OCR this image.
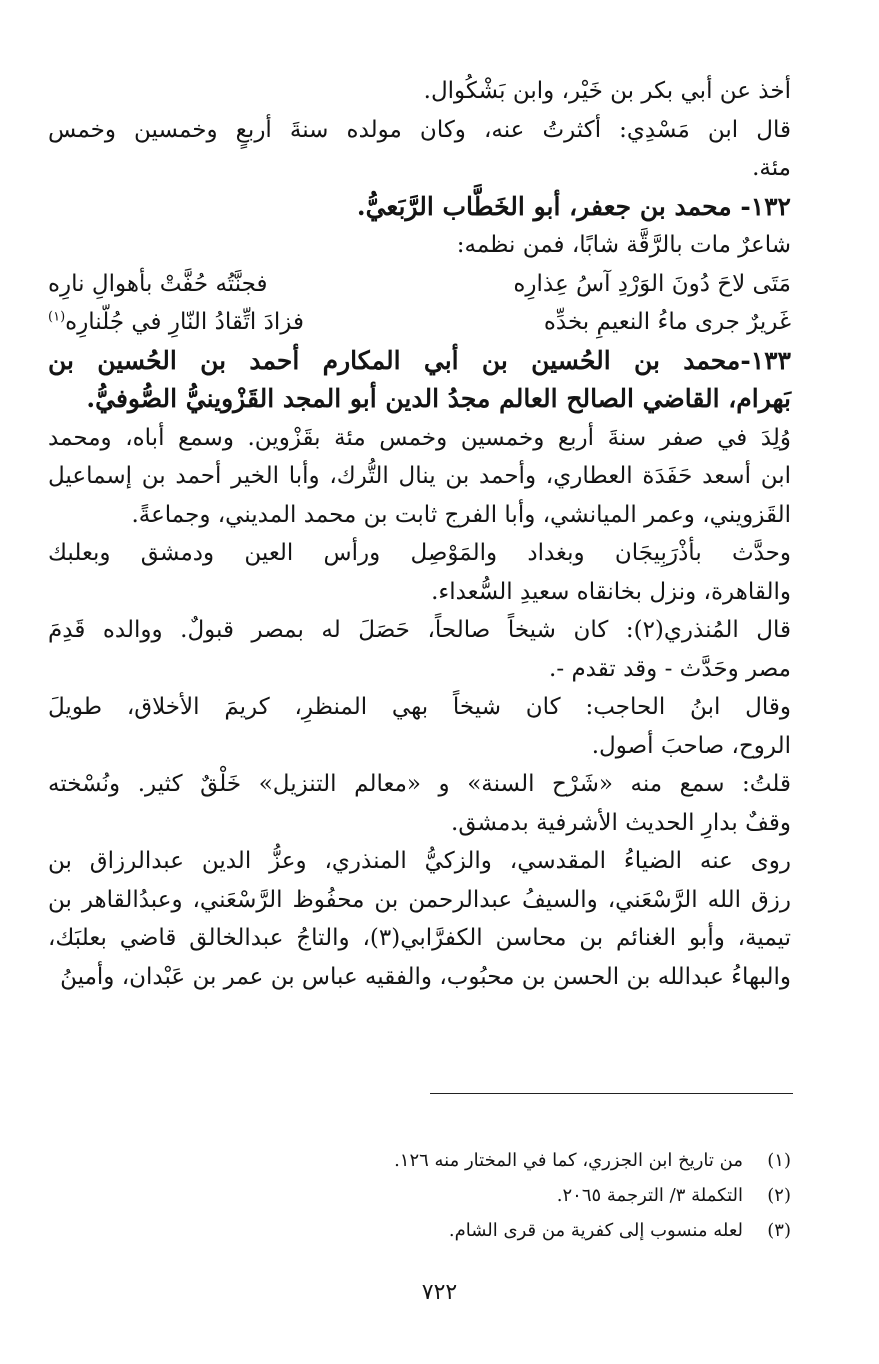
أخذ عن أبي بكر بن خَيْر، وابن بَشْكُوال.
قال ابن مَسْدِي: أكثرتُ عنه، وكان مولده سنةَ أربعٍ وخمسين وخمس
مئة.
١٣٢- محمد بن جعفر، أبو الخَطَّاب الرَّبَعيُّ.
شاعرٌ مات بالرَّقَّة شابًا، فمن نظمه:
مَتَى لاحَ دُونَ الوَرْدِ آسُ عِذارِه
فجنَّتُه حُفَّتْ بأهوالِ نارِه
غَريرٌ جرى ماءُ النعيمِ بخدِّه
فزادَ اتِّقادُ النّارِ في جُلّنارِه$^{(١)}$
١٣٣-محمد بن الحُسين بن أبي المكارم أحمد بن الحُسين بن
بَهرام، القاضي الصالح العالم مجدُ الدين أبو المجد القَزْوينيُّ الصُّوفيُّ.
وُلِدَ في صفر سنةَ أربع وخمسين وخمس مئة بقَزْوين. وسمع أباه، ومحمد
ابن أسعد حَفَدَة العطاري، وأحمد بن ينال التُّرك، وأبا الخير أحمد بن إسماعيل
القَزويني، وعمر الميانشي، وأبا الفرج ثابت بن محمد المديني، وجماعةً.
وحدَّث بأذْرَبِيجَان وبغداد والمَوْصِل ورأس العين ودمشق وبعلبك
والقاهرة، ونزل بخانقاه سعيدِ السُّعداء.
قال المُنذري(٢): كان شيخاً صالحاً، حَصَلَ له بمصر قبولٌ. ووالده قَدِمَ
مصر وحَدَّث - وقد تقدم -.
وقال ابنُ الحاجب: كان شيخاً بهي المنظرِ، كريمَ الأخلاق، طويلَ
الروح، صاحبَ أصول.
قلتُ: سمع منه «شَرْح السنة» و «معالم التنزيل» خَلْقٌ كثير. ونُسْخته
وقفٌ بدارِ الحديث الأشرفية بدمشق.
روى عنه الضياءُ المقدسي، والزكيُّ المنذري، وعزُّ الدين عبدالرزاق بن
رزق الله الرَّسْعَني، والسيفُ عبدالرحمن بن محفُوظ الرَّسْعَني، وعبدُالقاهر بن
تيمية، وأبو الغنائم بن محاسن الكفرَّابي(٣)، والتاجُ عبدالخالق قاضي بعلبَك،
والبهاءُ عبدالله بن الحسن بن محبُوب، والفقيه عباس بن عمر بن عَبْدان، وأمينُ
(١)من تاريخ ابن الجزري، كما في المختار منه ١٢٦.
(٢)التكملة ٣/ الترجمة ٢٠٦٥.
(٣)لعله منسوب إلى كفرية من قرى الشام.
٧٢٢
